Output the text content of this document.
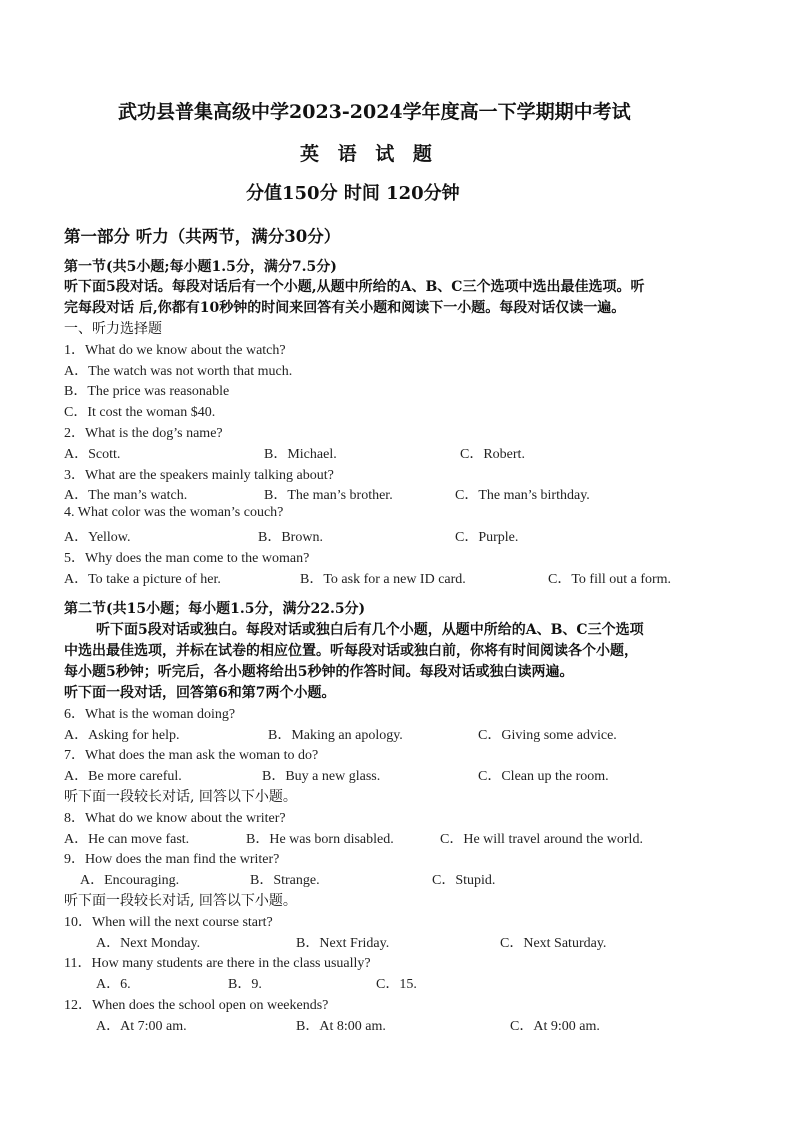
武功县普集高级中学2023-2024学年度高一下学期期中考试
英 语 试 题
分值150分 时间 120分钟
第一部分 听力（共两节，满分30分）
第一节(共5小题;每小题1.5分，满分7.5分)
听下面5段对话。每段对话后有一个小题,从题中所给的A、B、C三个选项中选出最佳选项。听
完每段对话 后,你都有10秒钟的时间来回答有关小题和阅读下一小题。每段对话仅读一遍。
一、听力选择题
1．What do we know about the watch?
A．The watch was not worth that much.
B．The price was reasonable
C．It cost the woman $40.
2．What is the dog’s name?
A．Scott.	B．Michael.	C．Robert.
3．What are the speakers mainly talking about?
A．The man’s watch.	B．The man’s brother.	C．The man’s birthday.
4. What color was the woman’s couch?
A．Yellow.	B．Brown.	C．Purple.
5．Why does the man come to the woman?
A．To take a picture of her.	B．To ask for a new ID card.	C．To fill out a form.
第二节(共15小题；每小题1.5分，满分22.5分)
听下面5段对话或独白。每段对话或独白后有几个小题，从题中所给的A、B、C三个选项
中选出最佳选项，并标在试卷的相应位置。听每段对话或独白前，你将有时间阅读各个小题，
每小题5秒钟；听完后，各小题将给出5秒钟的作答时间。每段对话或独白读两遍。
听下面一段对话，回答第6和第7两个小题。
6．What is the woman doing?
A．Asking for help.	B．Making an apology.	C．Giving some advice.
7．What does the man ask the woman to do?
A．Be more careful.	B．Buy a new glass.	C．Clean up the room.
听下面一段较长对话, 回答以下小题。
8．What do we know about the writer?
A．He can move fast.	B．He was born disabled.	C．He will travel around the world.
9．How does the man find the writer?
A．Encouraging.	B．Strange.	C．Stupid.
听下面一段较长对话, 回答以下小题。
10．When will the next course start?
A．Next Monday.	B．Next Friday.	C．Next Saturday.
11．How many students are there in the class usually?
A．6.	B．9.	C．15.
12．When does the school open on weekends?
A．At 7:00 am.	B．At 8:00 am.	C．At 9:00 am.
